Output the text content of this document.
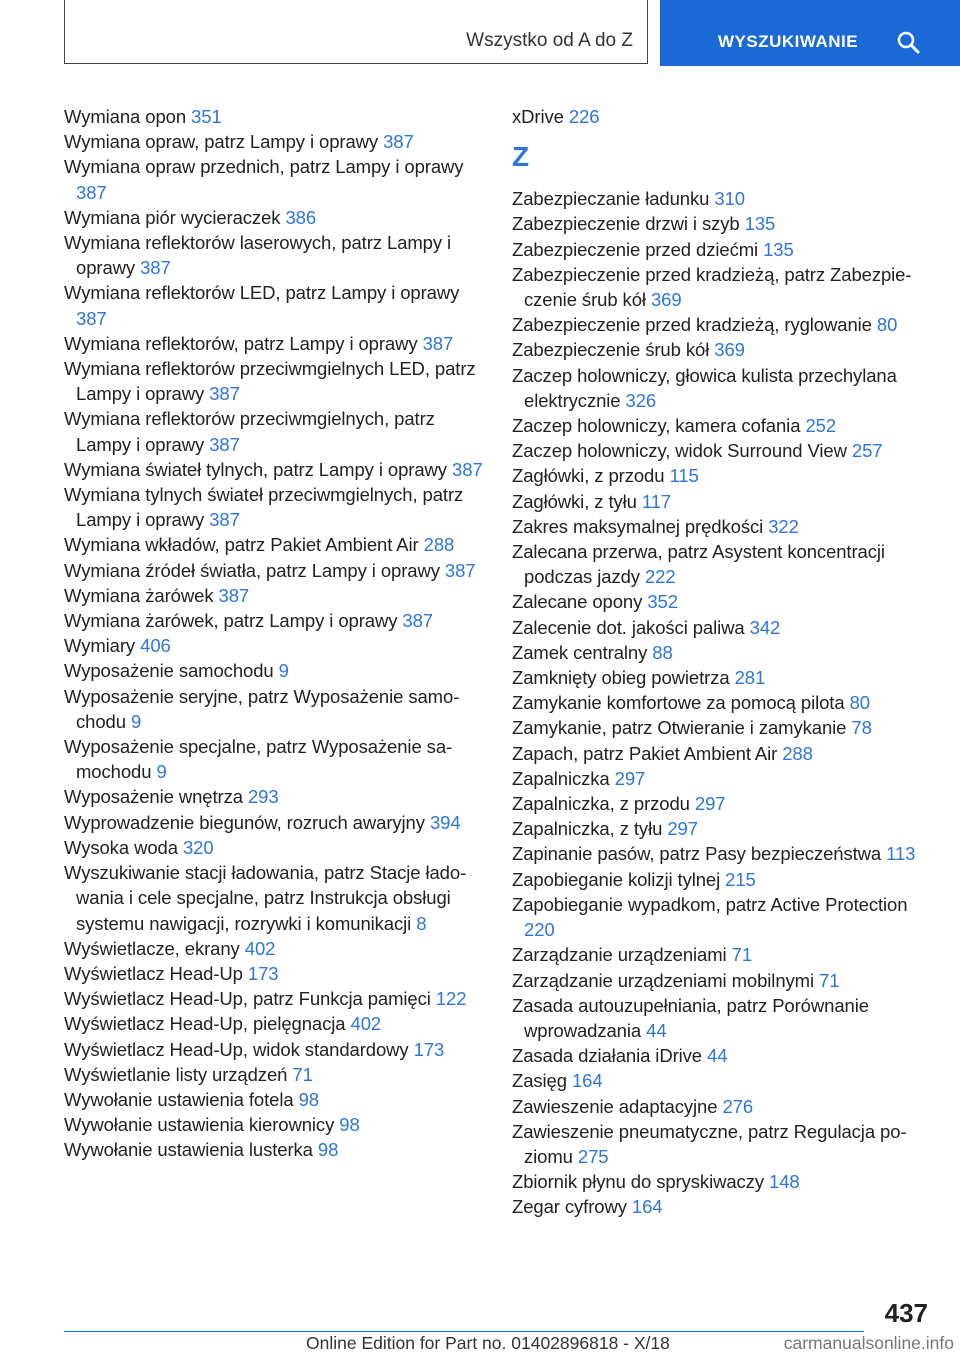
Wszystko od A do Z	WYSZUKIWANIE
Wymiana opon 351
Wymiana opraw, patrz Lampy i oprawy 387
Wymiana opraw przednich, patrz Lampy i oprawy 387
Wymiana piór wycieraczek 386
Wymiana reflektorów laserowych, patrz Lampy i oprawy 387
Wymiana reflektorów LED, patrz Lampy i oprawy 387
Wymiana reflektorów, patrz Lampy i oprawy 387
Wymiana reflektorów przeciwmgielnych LED, patrz Lampy i oprawy 387
Wymiana reflektorów przeciwmgielnych, patrz Lampy i oprawy 387
Wymiana świateł tylnych, patrz Lampy i oprawy 387
Wymiana tylnych świateł przeciwmgielnych, patrz Lampy i oprawy 387
Wymiana wkładów, patrz Pakiet Ambient Air 288
Wymiana źródeł światła, patrz Lampy i oprawy 387
Wymiana żarówek 387
Wymiana żarówek, patrz Lampy i oprawy 387
Wymiary 406
Wyposażenie samochodu 9
Wyposażenie seryjne, patrz Wyposażenie samochodu 9
Wyposażenie specjalne, patrz Wyposażenie samochodu 9
Wyposażenie wnętrza 293
Wyprowadzenie biegunów, rozruch awaryjny 394
Wysoka woda 320
Wyszukiwanie stacji ładowania, patrz Stacje ładowania i cele specjalne, patrz Instrukcja obsługi systemu nawigacji, rozrywki i komunikacji 8
Wyświetlacze, ekrany 402
Wyświetlacz Head-Up 173
Wyświetlacz Head-Up, patrz Funkcja pamięci 122
Wyświetlacz Head-Up, pielęgnacja 402
Wyświetlacz Head-Up, widok standardowy 173
Wyświetlanie listy urządzeń 71
Wywołanie ustawienia fotela 98
Wywołanie ustawienia kierownicy 98
Wywołanie ustawienia lusterka 98
xDrive 226
Z
Zabezpieczanie ładunku 310
Zabezpieczenie drzwi i szyb 135
Zabezpieczenie przed dziećmi 135
Zabezpieczenie przed kradzieżą, patrz Zabezpieczenie śrub kół 369
Zabezpieczenie przed kradzieżą, ryglowanie 80
Zabezpieczenie śrub kół 369
Zaczep holowniczy, głowica kulista przechylana elektrycznie 326
Zaczep holowniczy, kamera cofania 252
Zaczep holowniczy, widok Surround View 257
Zagłówki, z przodu 115
Zagłówki, z tyłu 117
Zakres maksymalnej prędkości 322
Zalecana przerwa, patrz Asystent koncentracji podczas jazdy 222
Zalecane opony 352
Zalecenie dot. jakości paliwa 342
Zamek centralny 88
Zamknięty obieg powietrza 281
Zamykanie komfortowe za pomocą pilota 80
Zamykanie, patrz Otwieranie i zamykanie 78
Zapach, patrz Pakiet Ambient Air 288
Zapalniczka 297
Zapalniczka, z przodu 297
Zapalniczka, z tyłu 297
Zapinanie pasów, patrz Pasy bezpieczeństwa 113
Zapobieganie kolizji tylnej 215
Zapobieganie wypadkom, patrz Active Protection 220
Zarządzanie urządzeniami 71
Zarządzanie urządzeniami mobilnymi 71
Zasada autouzupełniania, patrz Porównanie wprowadzania 44
Zasada działania iDrive 44
Zasięg 164
Zawieszenie adaptacyjne 276
Zawieszenie pneumatyczne, patrz Regulacja poziomu 275
Zbiornik płynu do spryskiwaczy 148
Zegar cyfrowy 164
437
Online Edition for Part no. 01402896818 - X/18	carmanualsonline.info
